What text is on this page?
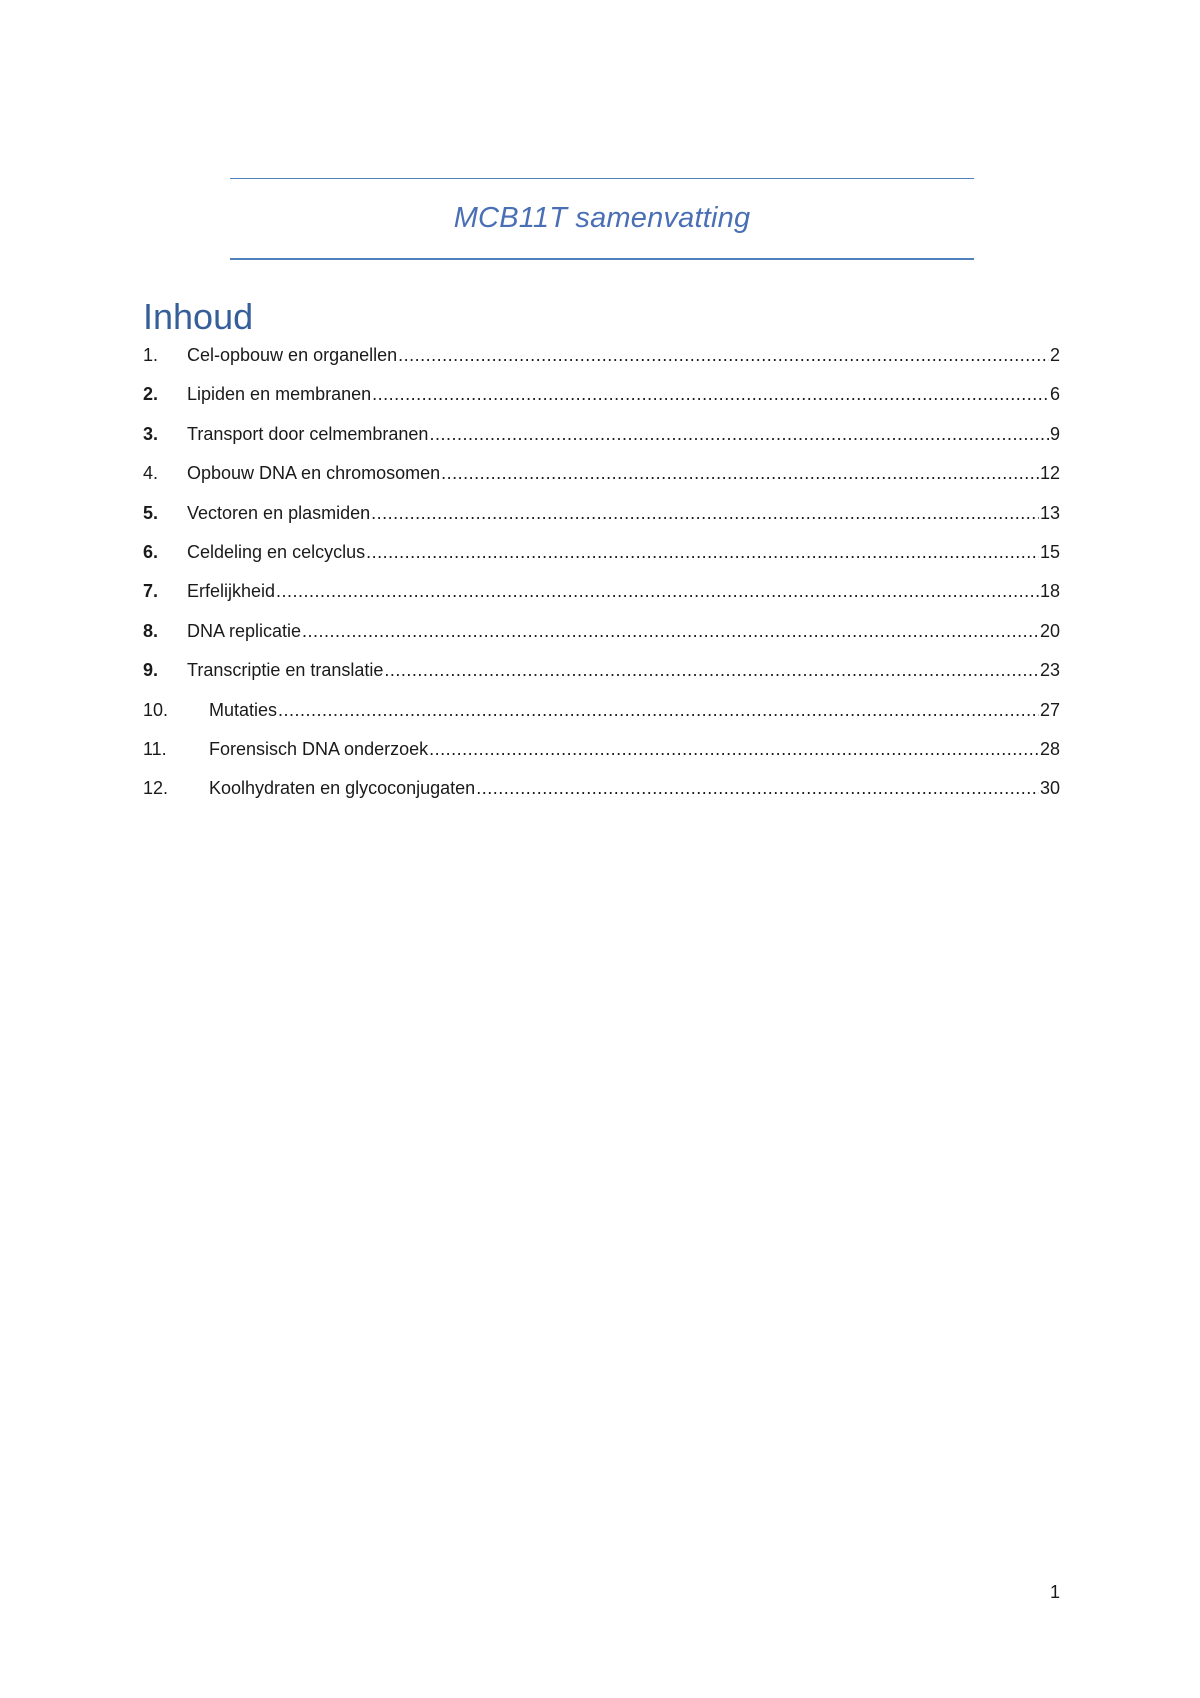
MCB11T samenvatting
Inhoud
1.	Cel-opbouw en organellen .....	2
2.	Lipiden en membranen .....	6
3.	Transport door celmembranen .....	9
4.	Opbouw DNA en chromosomen .....	12
5.	Vectoren en plasmiden .....	13
6.	Celdeling en celcyclus .....	15
7.	Erfelijkheid .....	18
8.	DNA replicatie .....	20
9.	Transcriptie en translatie .....	23
10.	Mutaties .....	27
11.	Forensisch DNA onderzoek .....	28
12.	Koolhydraten en glycoconjugaten .....	30
1
